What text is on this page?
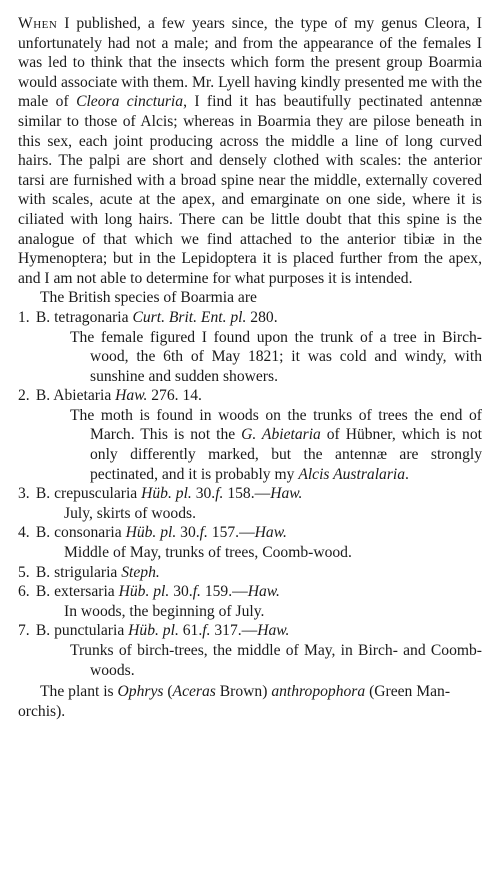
When I published, a few years since, the type of my genus Cleora, I unfortunately had not a male; and from the appearance of the females I was led to think that the insects which form the present group Boarmia would associate with them. Mr. Lyell having kindly presented me with the male of Cleora cincturia, I find it has beautifully pectinated antennæ similar to those of Alcis; whereas in Boarmia they are pilose beneath in this sex, each joint producing across the middle a line of long curved hairs. The palpi are short and densely clothed with scales: the anterior tarsi are furnished with a broad spine near the middle, externally covered with scales, acute at the apex, and emarginate on one side, where it is ciliated with long hairs. There can be little doubt that this spine is the analogue of that which we find attached to the anterior tibiæ in the Hymenoptera; but in the Lepidoptera it is placed further from the apex, and I am not able to determine for what purposes it is intended.

The British species of Boarmia are

1. B. tetragonaria Curt. Brit. Ent. pl. 280.

The female figured I found upon the trunk of a tree in Birch-wood, the 6th of May 1821; it was cold and windy, with sunshine and sudden showers.

2. B. Abietaria Haw. 276. 14.

The moth is found in woods on the trunks of trees the end of March. This is not the G. Abietaria of Hübner, which is not only differently marked, but the antennæ are strongly pectinated, and it is probably my Alcis Australaria.

3. B. crepuscularia Hüb. pl. 30.f. 158.—Haw.

July, skirts of woods.

4. B. consonaria Hüb. pl. 30.f. 157.—Haw.

Middle of May, trunks of trees, Coomb-wood.

5. B. strigularia Steph.

6. B. extersaria Hüb. pl. 30.f. 159.—Haw.

In woods, the beginning of July.

7. B. punctularia Hüb. pl. 61.f. 317.—Haw.

Trunks of birch-trees, the middle of May, in Birch- and Coomb-woods.

The plant is Ophrys (Aceras Brown) anthropophora (Green Man-orchis).
